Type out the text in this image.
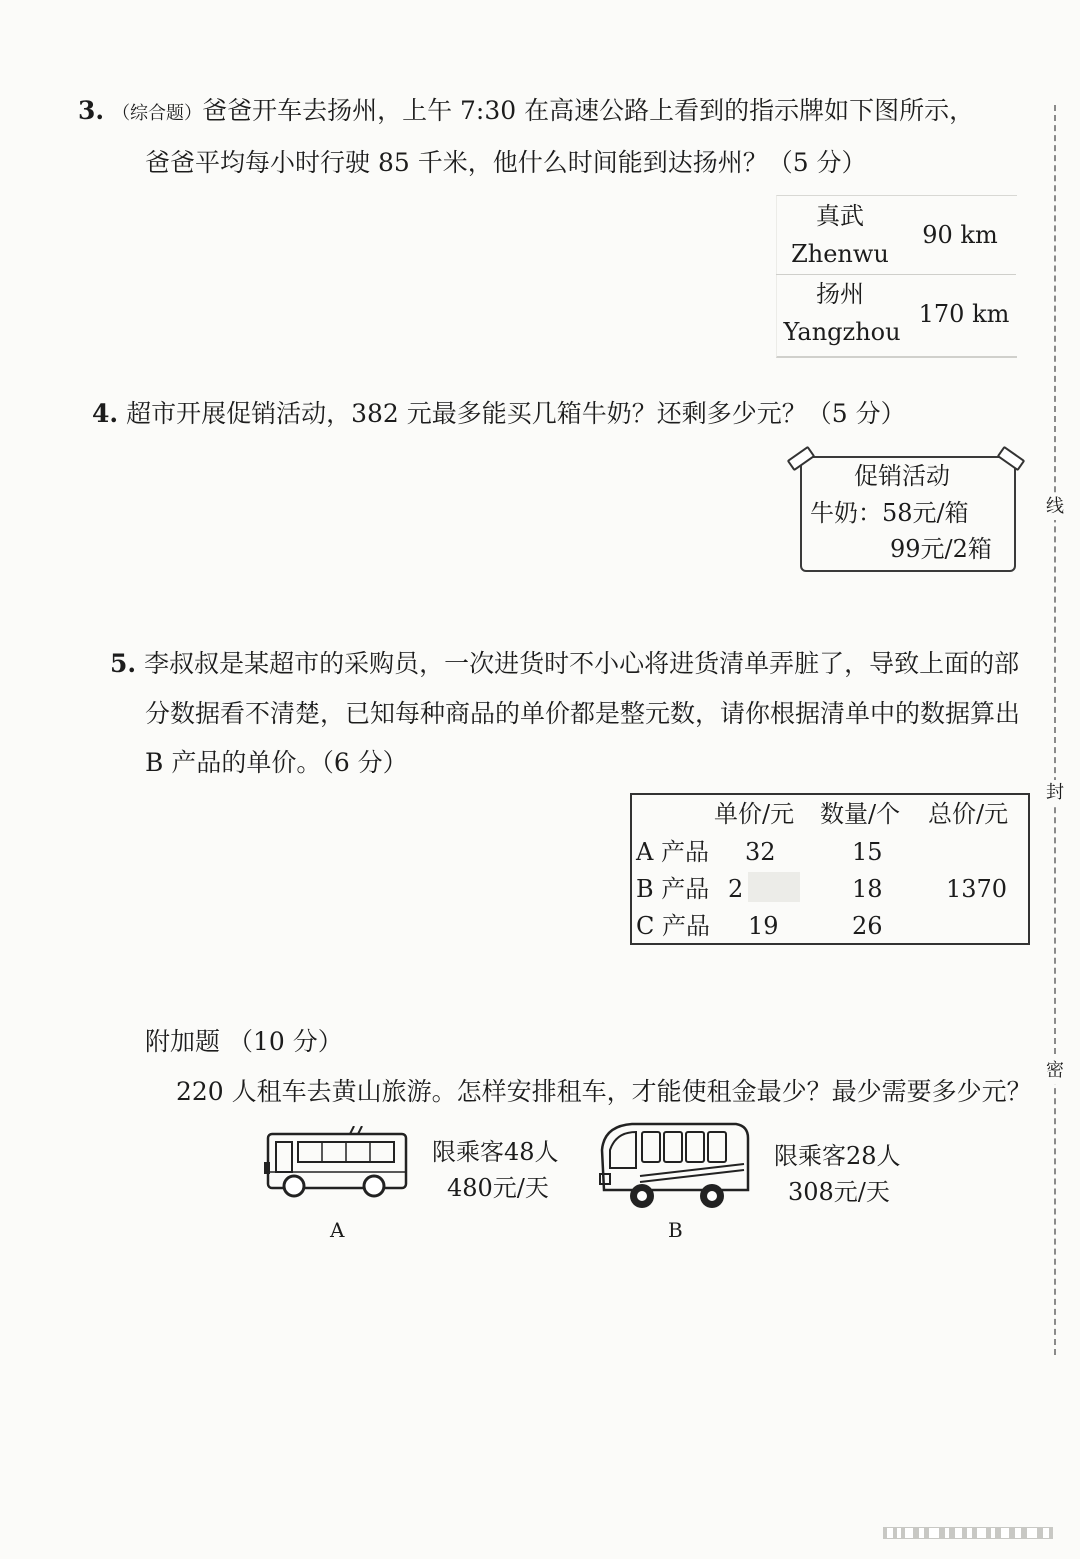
3. （综合题）爸爸开车去扬州，上午 7:30 在高速公路上看到的指示牌如下图所示，
爸爸平均每小时行驶 85 千米，他什么时间能到达扬州？（5 分）
真武
Zhenwu
90 km
扬州
Yangzhou
170 km
4. 超市开展促销活动，382 元最多能买几箱牛奶？还剩多少元？（5 分）
促销活动
牛奶：58元/箱
99元/2箱
5. 李叔叔是某超市的采购员，一次进货时不小心将进货清单弄脏了，导致上面的部
分数据看不清楚，已知每种商品的单价都是整元数，请你根据清单中的数据算出
B 产品的单价。（6 分）
单价/元 数量/个 总价/元
A 产品 32	15
B 产品 2	18	1370
C 产品 19	26
附加题 （10 分）
220 人租车去黄山旅游。怎样安排租车，才能使租金最少？最少需要多少元？
限乘客48人
480元/天
A
限乘客28人
308元/天
B
线
封
密
